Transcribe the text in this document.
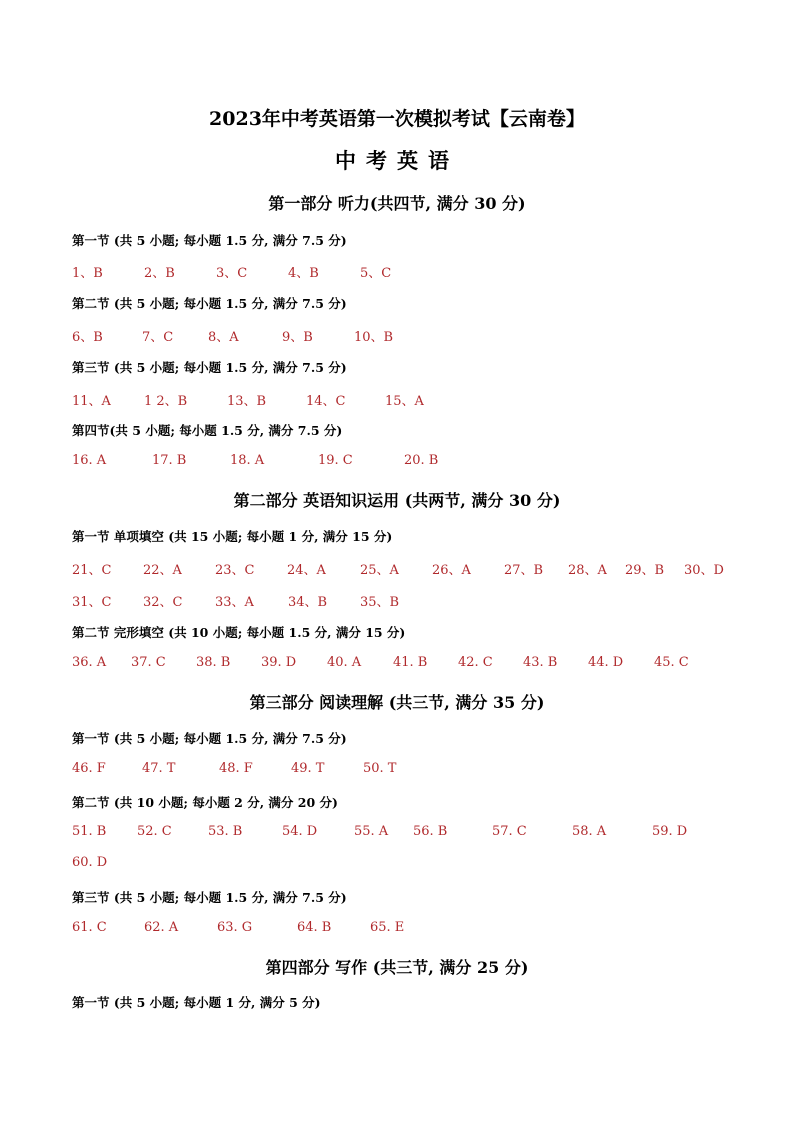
2023年中考英语第一次模拟考试【云南卷】
中考英语
第一部分 听力(共四节, 满分 30 分)
第一节 (共 5 小题; 每小题 1.5 分, 满分 7.5 分)
1、B	2、B	3、C	4、B	5、C
第二节 (共 5 小题; 每小题 1.5 分, 满分 7.5 分)
6、B	7、C	8、A	9、B	10、B
第三节 (共 5 小题; 每小题 1.5 分, 满分 7.5 分)
11、A	1 2、B	13、B	14、C	15、A
第四节(共 5 小题; 每小题 1.5 分, 满分 7.5 分)
16. A	17. B	18. A	19. C	20. B
第二部分 英语知识运用 (共两节, 满分 30 分)
第一节 单项填空 (共 15 小题; 每小题 1 分, 满分 15 分)
21、C 22、A	23、C	24、A	25、A	26、A	27、B 28、A 29、B 30、D
31、C 32、C	33、A	34、B	35、B
第二节 完形填空 (共 10 小题; 每小题 1.5 分, 满分 15 分)
36. A 37. C 38. B 39. D 40. A 41. B 42. C 43. B 44. D 45. C
第三部分 阅读理解 (共三节, 满分 35 分)
第一节 (共 5 小题; 每小题 1.5 分, 满分 7.5 分)
46. F	47. T	48. F	49. T	50. T
第二节 (共 10 小题; 每小题 2 分, 满分 20 分)
51. B 52. C	53. B	54. D	55. A 56. B	57. C	58. A	59. D
60. D
第三节 (共 5 小题; 每小题 1.5 分, 满分 7.5 分)
61. C	62. A	63. G	64. B	65. E
第四部分 写作 (共三节, 满分 25 分)
第一节 (共 5 小题; 每小题 1 分, 满分 5 分)
